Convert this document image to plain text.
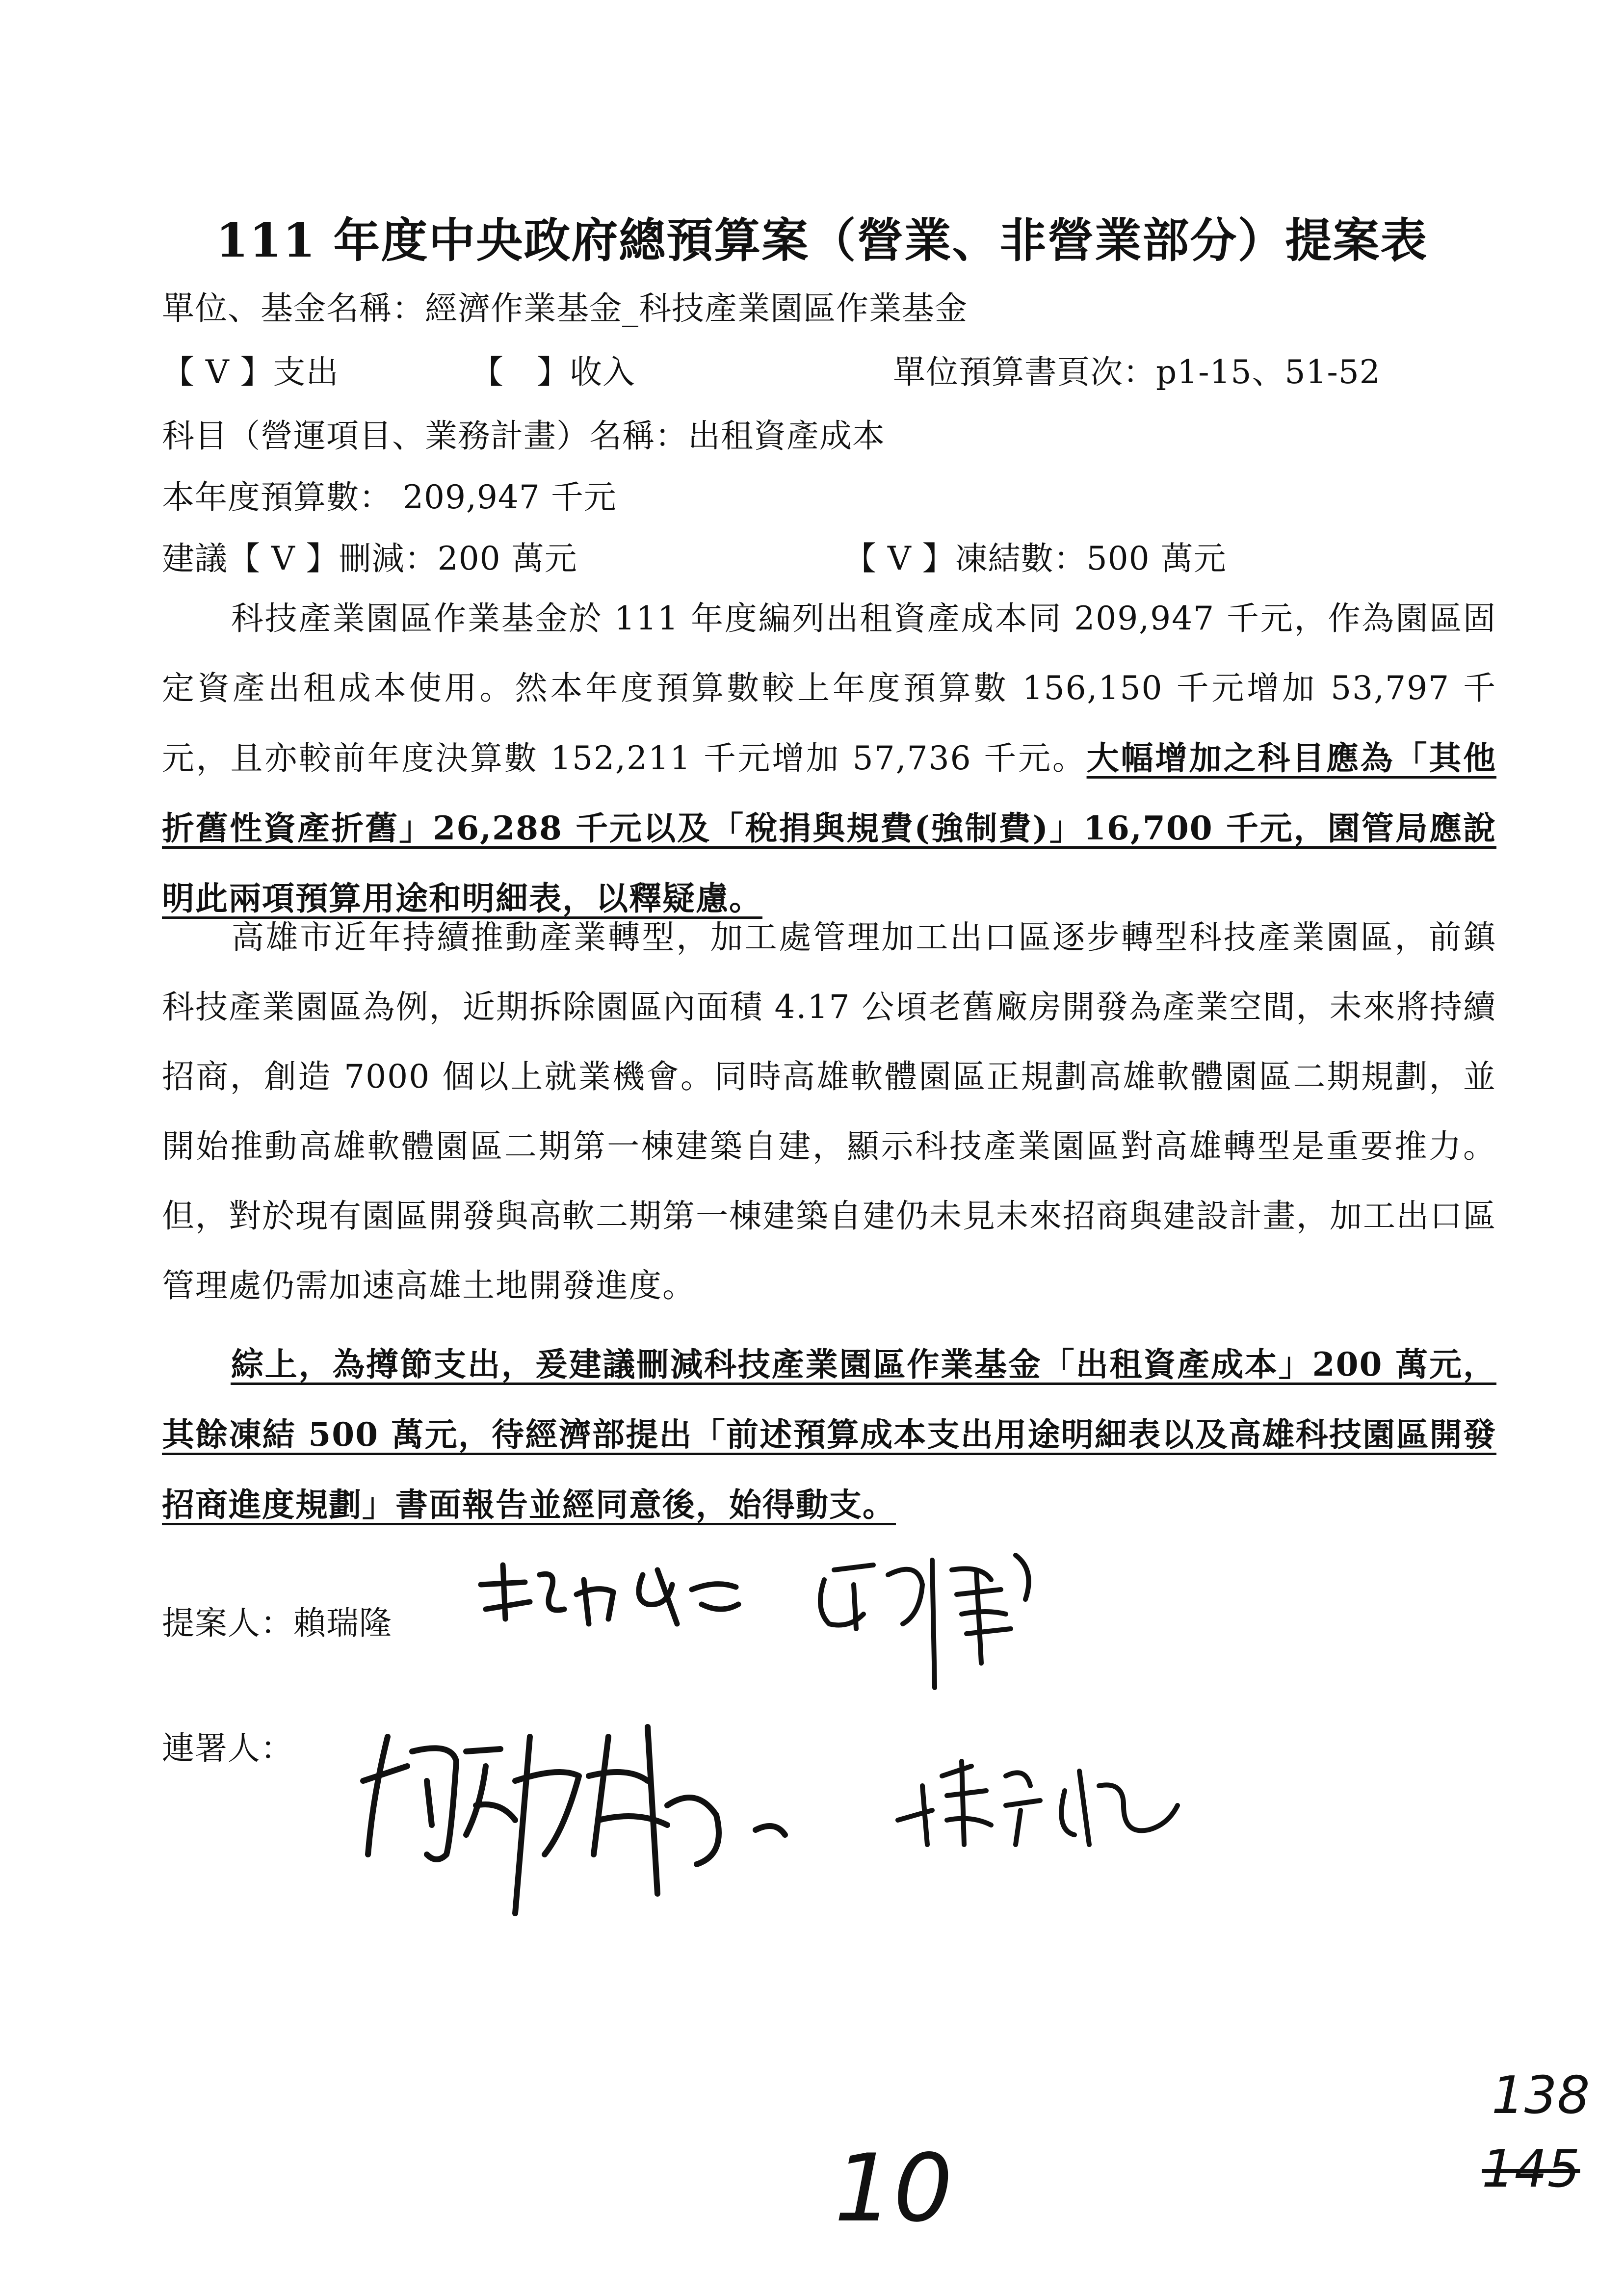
111 年度中央政府總預算案（營業、非營業部分）提案表
單位、基金名稱：經濟作業基金_科技產業園區作業基金
【 V 】支出	【　】收入	單位預算書頁次：p1-15、51-52
科目（營運項目、業務計畫）名稱：出租資產成本
本年度預算數： 209,947 千元
建議【 V 】刪減：200 萬元	【 V 】凍結數：500 萬元
科技產業園區作業基金於 111 年度編列出租資產成本同 209,947 千元，作為園區固定資產出租成本使用。然本年度預算數較上年度預算數 156,150 千元增加 53,797 千元，且亦較前年度決算數 152,211 千元增加 57,736 千元。大幅增加之科目應為「其他折舊性資產折舊」26,288 千元以及「稅捐與規費(強制費)」16,700 千元，園管局應說明此兩項預算用途和明細表，以釋疑慮。
高雄市近年持續推動產業轉型，加工處管理加工出口區逐步轉型科技產業園區，前鎮科技產業園區為例，近期拆除園區內面積 4.17 公頃老舊廠房開發為產業空間，未來將持續招商，創造 7000 個以上就業機會。同時高雄軟體園區正規劃高雄軟體園區二期規劃，並開始推動高雄軟體園區二期第一棟建築自建，顯示科技產業園區對高雄轉型是重要推力。但，對於現有園區開發與高軟二期第一棟建築自建仍未見未來招商與建設計畫，加工出口區管理處仍需加速高雄土地開發進度。
綜上，為撙節支出，爰建議刪減科技產業園區作業基金「出租資產成本」200 萬元，其餘凍結 500 萬元，待經濟部提出「前述預算成本支出用途明細表以及高雄科技園區開發招商進度規劃」書面報告並經同意後，始得動支。
提案人：賴瑞隆
連署人：
10
138
145
